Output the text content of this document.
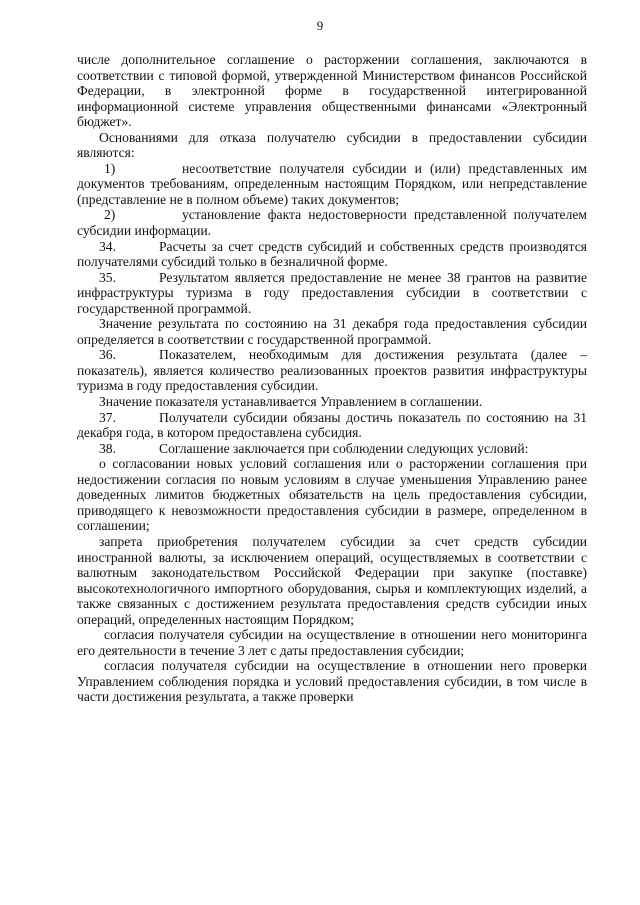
9

числе дополнительное соглашение о расторжении соглашения, заключаются в соответствии с типовой формой, утвержденной Министерством финансов Российской Федерации, в электронной форме в государственной интегрированной информационной системе управления общественными финансами «Электронный бюджет».

Основаниями для отказа получателю субсидии в предоставлении субсидии являются:

1)	несоответствие получателя субсидии и (или) представленных им документов требованиям, определенным настоящим Порядком, или непредставление (представление не в полном объеме) таких документов;

2)	установление факта недостоверности представленной получателем субсидии информации.

34.	Расчеты за счет средств субсидий и собственных средств производятся получателями субсидий только в безналичной форме.

35.	Результатом является предоставление не менее 38 грантов на развитие инфраструктуры туризма в году предоставления субсидии в соответствии с государственной программой.

Значение результата по состоянию на 31 декабря года предоставления субсидии определяется в соответствии с государственной программой.

36.	Показателем, необходимым для достижения результата (далее – показатель), является количество реализованных проектов развития инфраструктуры туризма в году предоставления субсидии.

Значение показателя устанавливается Управлением в соглашении.

37.	Получатели субсидии обязаны достичь показатель по состоянию на 31 декабря года, в котором предоставлена субсидия.

38.	Соглашение заключается при соблюдении следующих условий:

о согласовании новых условий соглашения или о расторжении соглашения при недостижении согласия по новым условиям в случае уменьшения Управлению ранее доведенных лимитов бюджетных обязательств на цель предоставления субсидии, приводящего к невозможности предоставления субсидии в размере, определенном в соглашении;

запрета приобретения получателем субсидии за счет средств субсидии иностранной валюты, за исключением операций, осуществляемых в соответствии с валютным законодательством Российской Федерации при закупке (поставке) высокотехнологичного импортного оборудования, сырья и комплектующих изделий, а также связанных с достижением результата предоставления средств субсидии иных операций, определенных настоящим Порядком;

согласия получателя субсидии на осуществление в отношении него мониторинга его деятельности в течение 3 лет с даты предоставления субсидии;

согласия получателя субсидии на осуществление в отношении него проверки Управлением соблюдения порядка и условий предоставления субсидии, в том числе в части достижения результата, а также проверки
